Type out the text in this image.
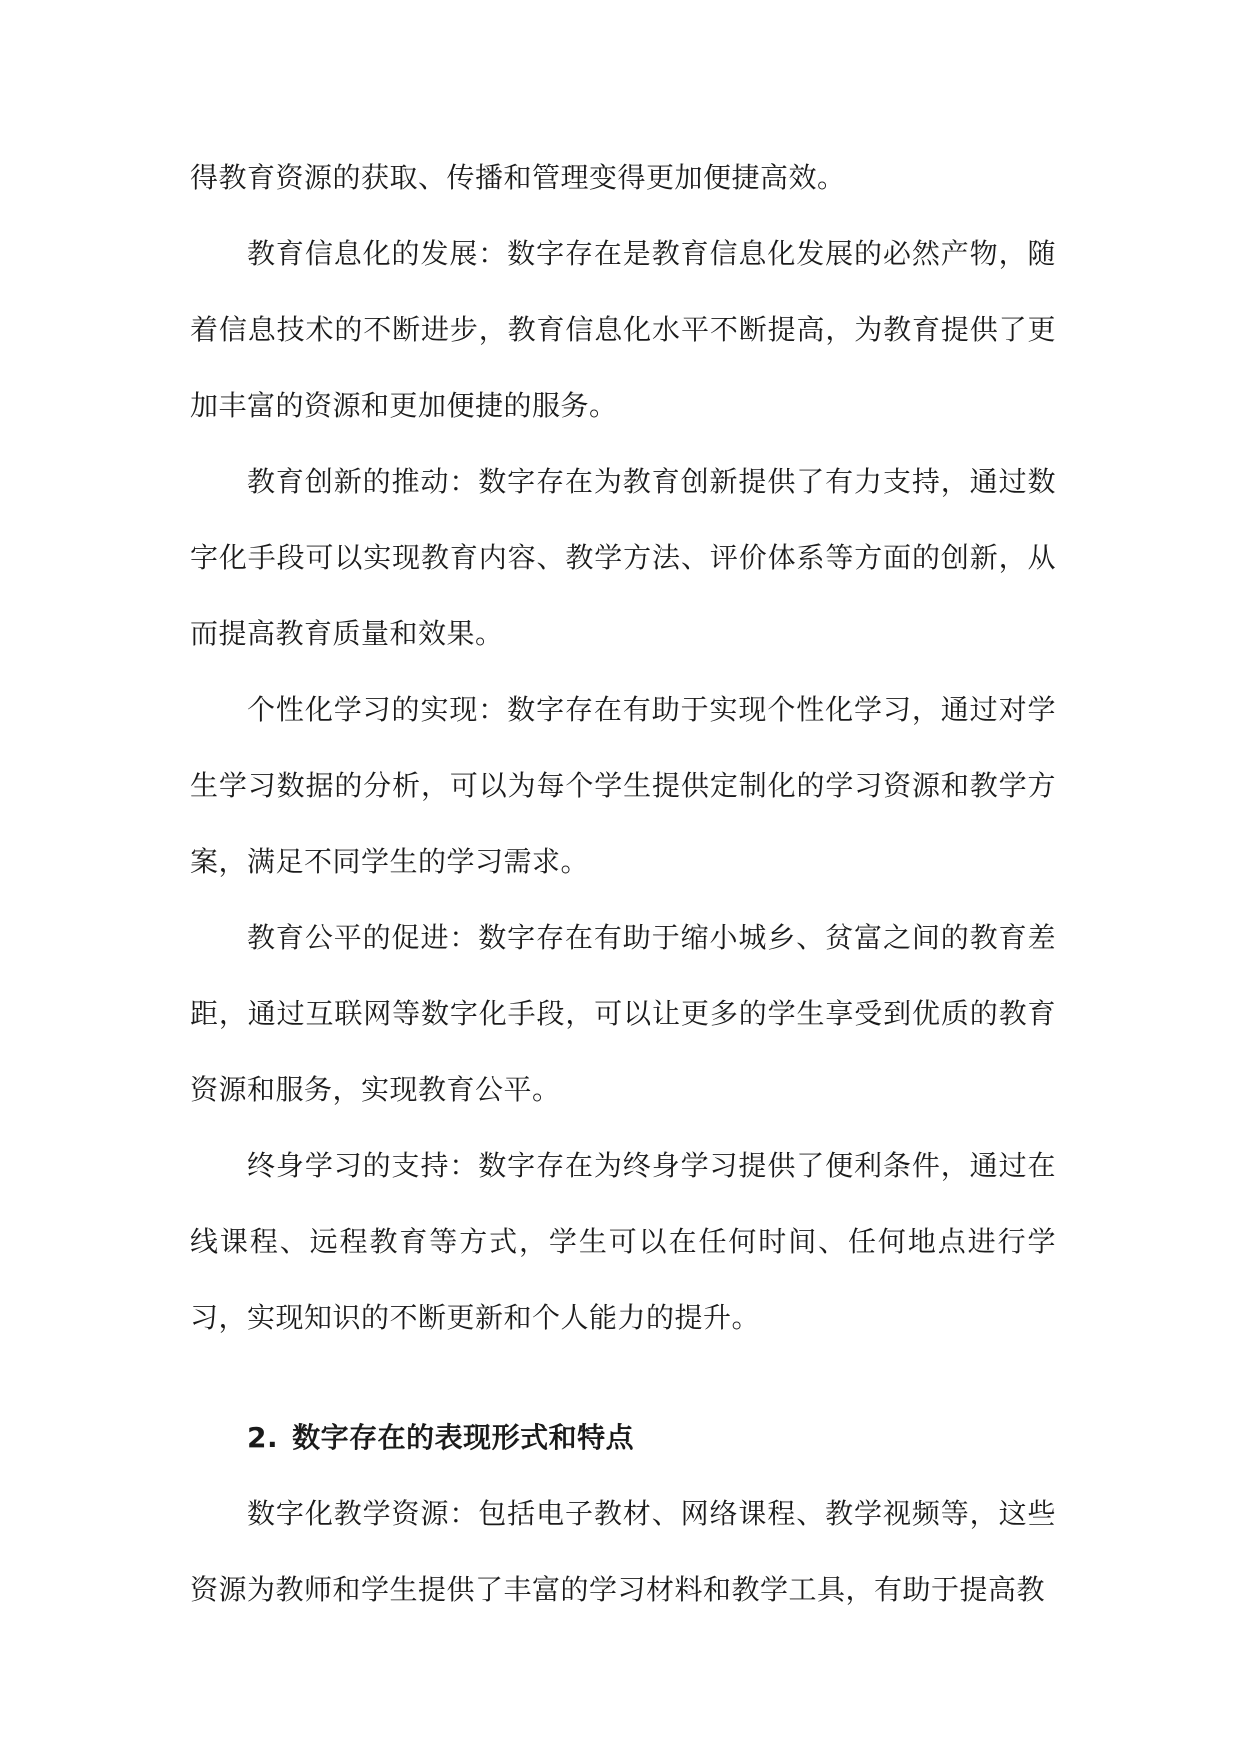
得教育资源的获取、传播和管理变得更加便捷高效。

教育信息化的发展：数字存在是教育信息化发展的必然产物，随着信息技术的不断进步，教育信息化水平不断提高，为教育提供了更加丰富的资源和更加便捷的服务。

教育创新的推动：数字存在为教育创新提供了有力支持，通过数字化手段可以实现教育内容、教学方法、评价体系等方面的创新，从而提高教育质量和效果。

个性化学习的实现：数字存在有助于实现个性化学习，通过对学生学习数据的分析，可以为每个学生提供定制化的学习资源和教学方案，满足不同学生的学习需求。

教育公平的促进：数字存在有助于缩小城乡、贫富之间的教育差距，通过互联网等数字化手段，可以让更多的学生享受到优质的教育资源和服务，实现教育公平。

终身学习的支持：数字存在为终身学习提供了便利条件，通过在线课程、远程教育等方式，学生可以在任何时间、任何地点进行学习，实现知识的不断更新和个人能力的提升。

2. 数字存在的表现形式和特点

数字化教学资源：包括电子教材、网络课程、教学视频等，这些资源为教师和学生提供了丰富的学习材料和教学工具，有助于提高教
